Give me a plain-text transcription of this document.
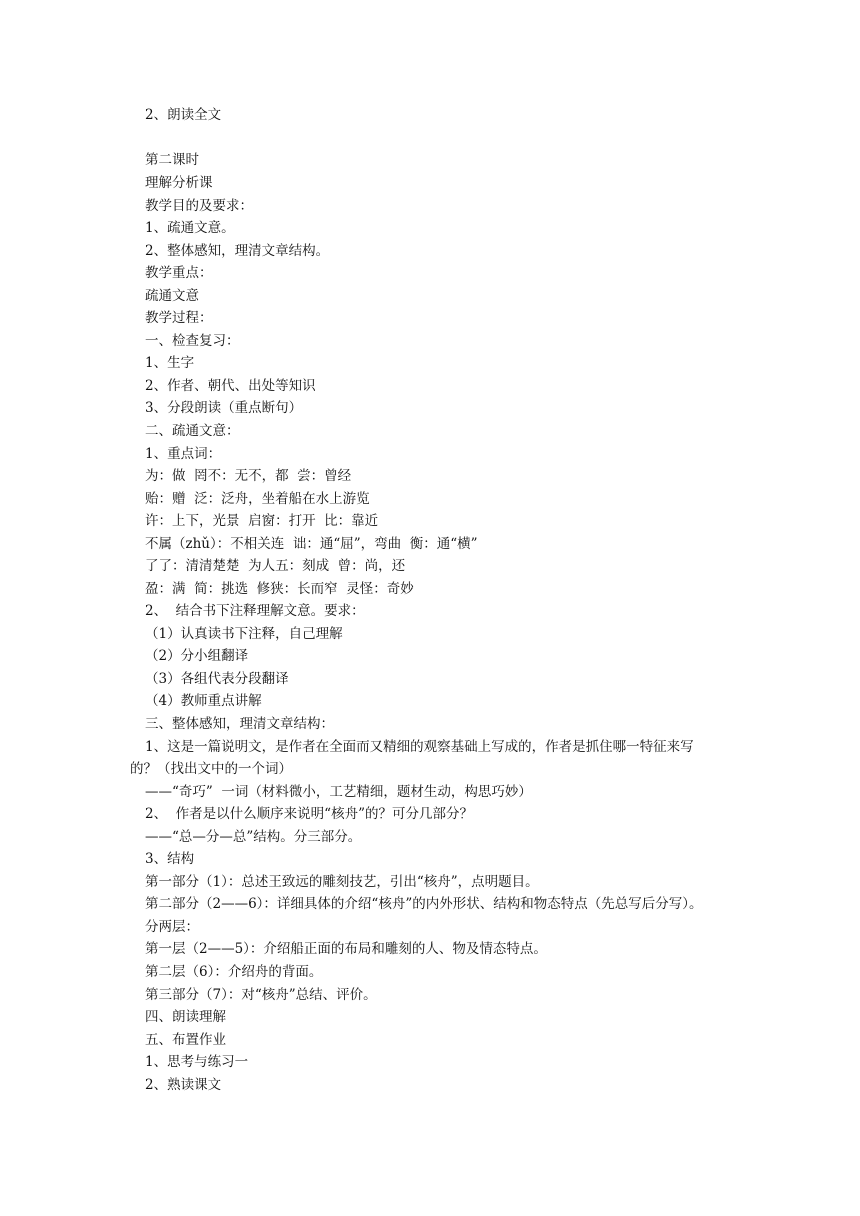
2、朗读全文
第二课时
理解分析课
教学目的及要求：
1、疏通文意。
2、整体感知，理清文章结构。
教学重点：
疏通文意
教学过程：
一、检查复习：
1、生字
2、作者、朝代、出处等知识
3、分段朗读（重点断句）
二、疏通文意：
1、重点词：
为：做  罔不：无不，都  尝：曾经
贻：赠  泛：泛舟，坐着船在水上游览
许：上下，光景  启窗：打开  比：靠近
不属（zhǔ）：不相关连  诎：通“屈”，弯曲  衡：通“横”
了了：清清楚楚  为人五：刻成  曾：尚，还
盈：满  简：挑选  修狭：长而窄  灵怪：奇妙
2、  结合书下注释理解文意。要求：
（1）认真读书下注释，自己理解
（2）分小组翻译
（3）各组代表分段翻译
（4）教师重点讲解
三、整体感知，理清文章结构：
1、这是一篇说明文，是作者在全面而又精细的观察基础上写成的，作者是抓住哪一特征来写
的？（找出文中的一个词）
——“奇巧”  一词（材料微小，工艺精细，题材生动，构思巧妙）
2、  作者是以什么顺序来说明“核舟”的？可分几部分？
——“总—分—总”结构。分三部分。
3、结构
第一部分（1）：总述王致远的雕刻技艺，引出“核舟”，点明题目。
第二部分（2——6）：详细具体的介绍“核舟”的内外形状、结构和物态特点（先总写后分写）。
分两层：
第一层（2——5）：介绍船正面的布局和雕刻的人、物及情态特点。
第二层（6）：介绍舟的背面。
第三部分（7）：对“核舟”总结、评价。
四、朗读理解
五、布置作业
1、思考与练习一
2、熟读课文
